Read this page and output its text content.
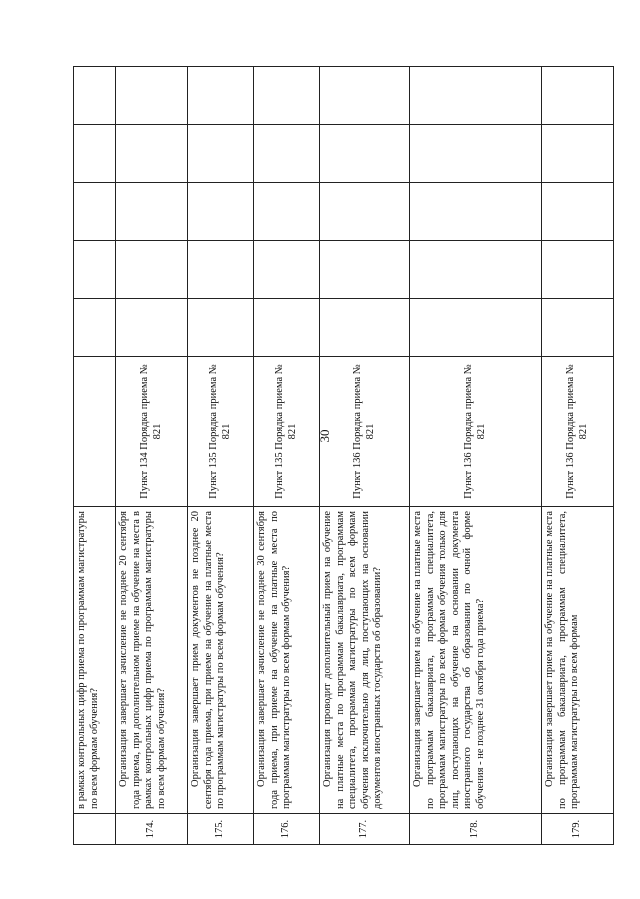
30
	в рамках контрольных цифр приема по программам магистратуры по всем формам обучения?						
174.	Организация завершает зачисление не позднее 20 сентября года приема, при дополнительном приеме на обучение на места в рамках контрольных цифр приема по программам магистратуры по всем формам обучения?	Пункт 134 Порядка приема № 821					
175.	Организация завершает прием документов не позднее 20 сентября года приема, при приеме на обучение на платные места по программам магистратуры по всем формам обучения?	Пункт 135 Порядка приема № 821					
176.	Организация завершает зачисление не позднее 30 сентября года приема, при приеме на обучение на платные места по программам магистратуры по всем формам обучения?	Пункт 135 Порядка приема № 821					
177.	Организация проводит дополнительный прием на обучение на платные места по программам бакалавриата, программам специалитета, программам магистратуры по всем формам обучения исключительно для лиц, поступающих на основании документов иностранных государств об образовании?	Пункт 136 Порядка приема № 821					
178.	Организация завершает прием на обучение на платные места по программам бакалавриата, программам специалитета, программам магистратуры по всем формам обучения только для лиц, поступающих на обучение на основании документа иностранного государства об образовании по очной форме обучения - не позднее 31 октября года приема?	Пункт 136 Порядка приема № 821					
179.	Организация завершает прием на обучение на платные места по программам бакалавриата, программам специалитета, программам магистратуры по всем формам	Пункт 136 Порядка приема № 821					
